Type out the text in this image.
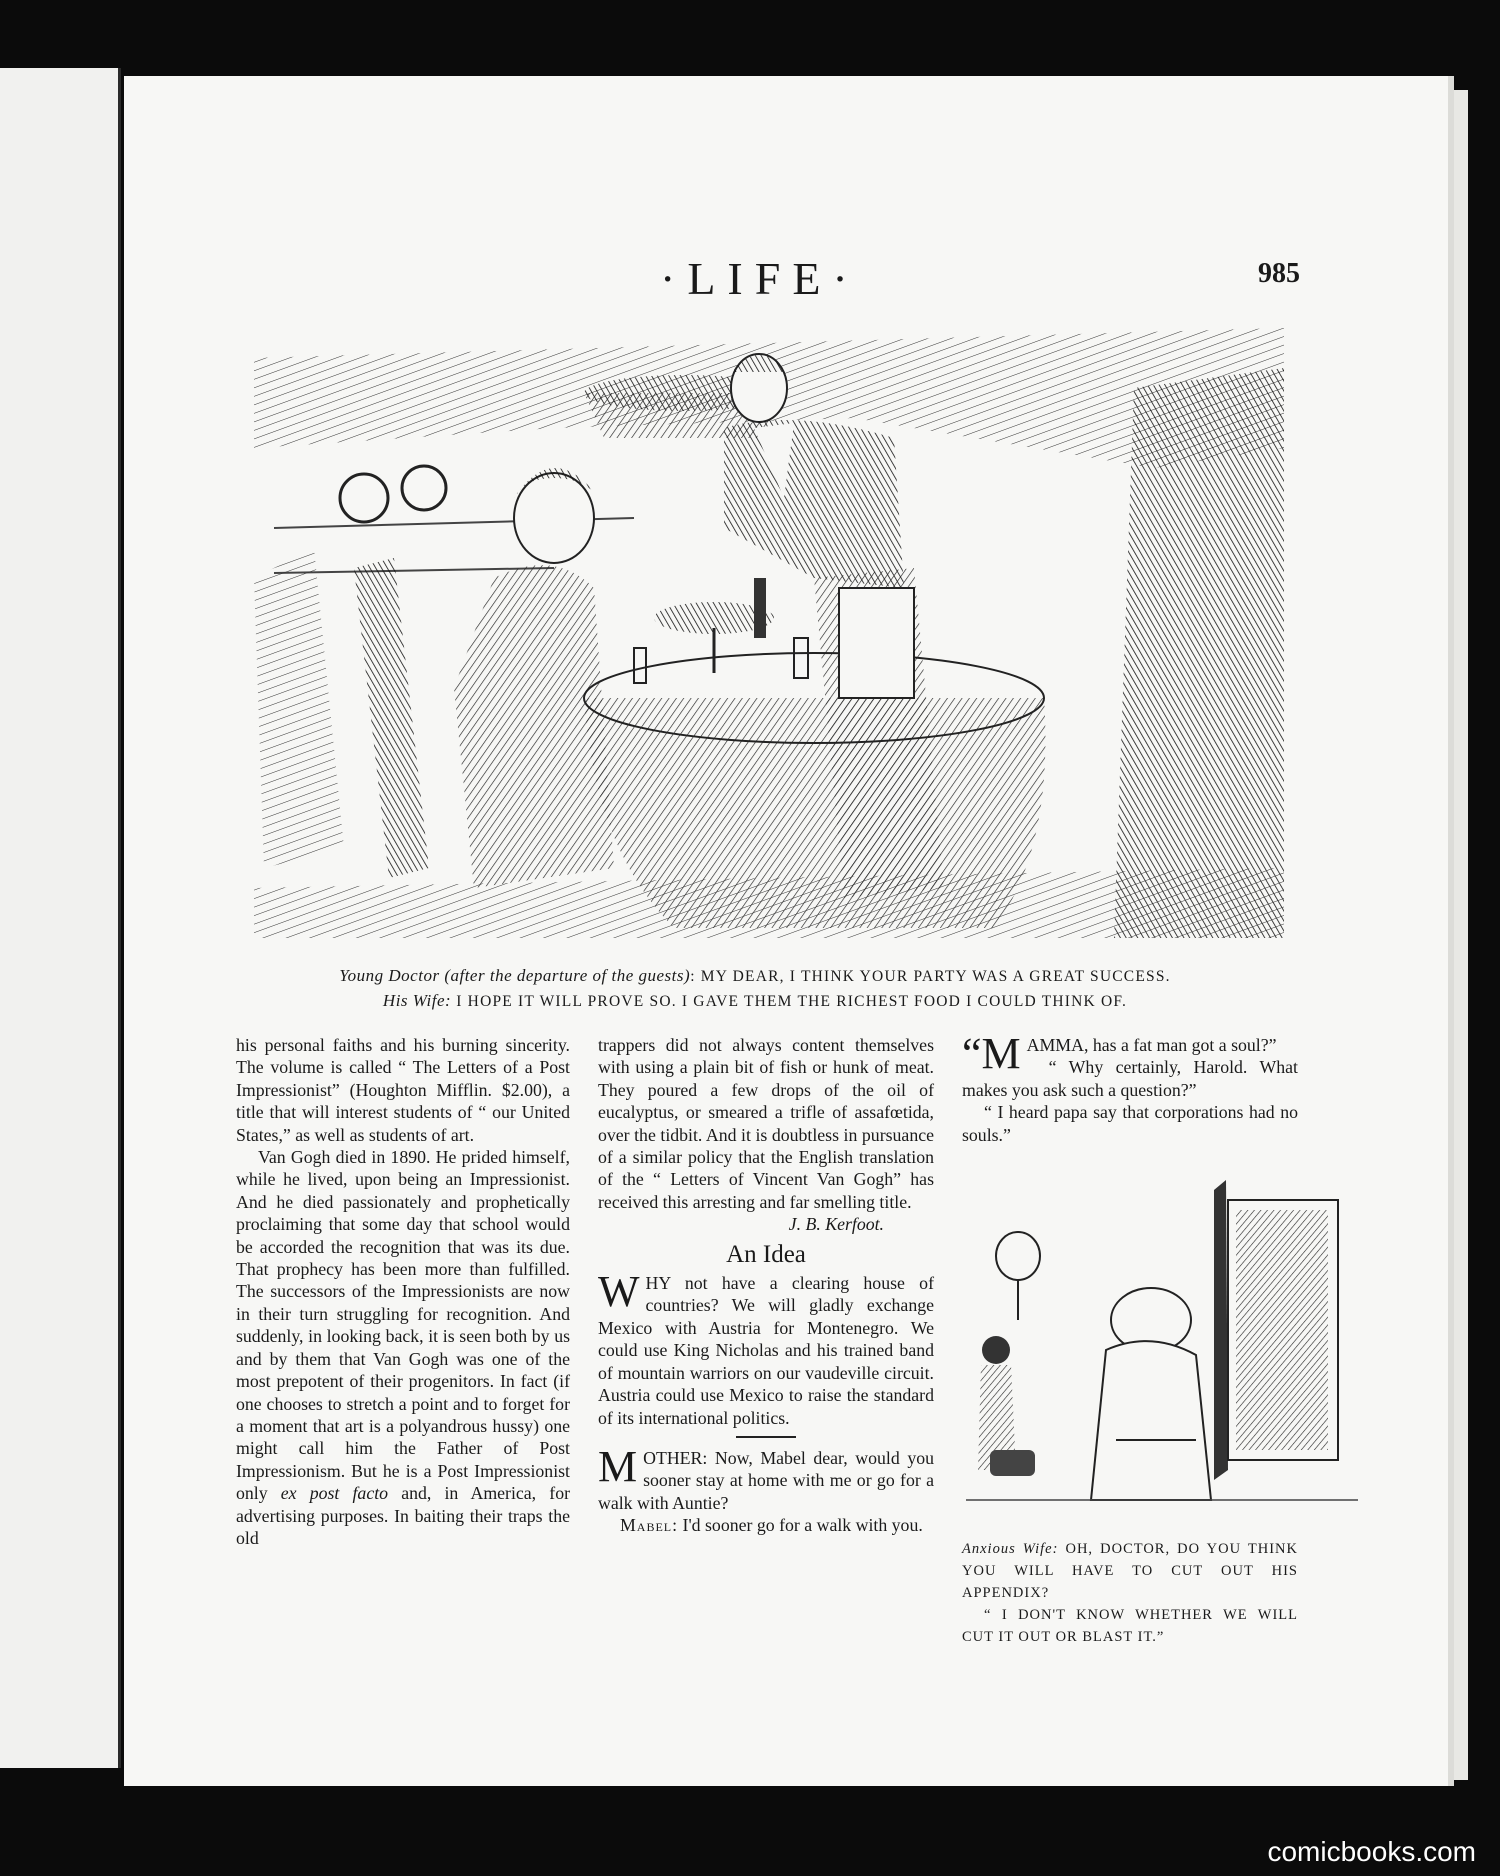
·LIFE·	985
Young Doctor (after the departure of the guests): MY DEAR, I THINK YOUR PARTY WAS A GREAT SUCCESS.
His Wife: I HOPE IT WILL PROVE SO. I GAVE THEM THE RICHEST FOOD I COULD THINK OF.

his personal faiths and his burning sincerity. The volume is called “ The Letters of a Post Impressionist” (Houghton Mifflin. $2.00), a title that will interest students of “ our United States,” as well as students of art.

Van Gogh died in 1890. He prided himself, while he lived, upon being an Impressionist. And he died passionately and prophetically proclaiming that some day that school would be accorded the recognition that was its due. That prophecy has been more than fulfilled. The successors of the Impressionists are now in their turn struggling for recognition. And suddenly, in looking back, it is seen both by us and by them that Van Gogh was one of the most prepotent of their progenitors. In fact (if one chooses to stretch a point and to forget for a moment that art is a polyandrous hussy) one might call him the Father of Post Impressionism. But he is a Post Impressionist only ex post facto and, in America, for advertising purposes. In baiting their traps the old

trappers did not always content themselves with using a plain bit of fish or hunk of meat. They poured a few drops of the oil of eucalyptus, or smeared a trifle of assafœtida, over the tidbit. And it is doubtless in pursuance of a similar policy that the English translation of the “ Letters of Vincent Van Gogh” has received this arresting and far smelling title.

J. B. Kerfoot.

An Idea

WHY not have a clearing house of countries? We will gladly exchange Mexico with Austria for Montenegro. We could use King Nicholas and his trained band of mountain warriors on our vaudeville circuit. Austria could use Mexico to raise the standard of its international politics.

MOTHER: Now, Mabel dear, would you sooner stay at home with me or go for a walk with Auntie?

Mabel: I'd sooner go for a walk with you.

“MAMMA, has a fat man got a soul?”

“ Why certainly, Harold. What makes you ask such a question?”

“ I heard papa say that corporations had no souls.”

Anxious Wife: OH, DOCTOR, DO YOU THINK YOU WILL HAVE TO CUT OUT HIS APPENDIX?

“ I DON'T KNOW WHETHER WE WILL CUT IT OUT OR BLAST IT.”

comicbooks.com
